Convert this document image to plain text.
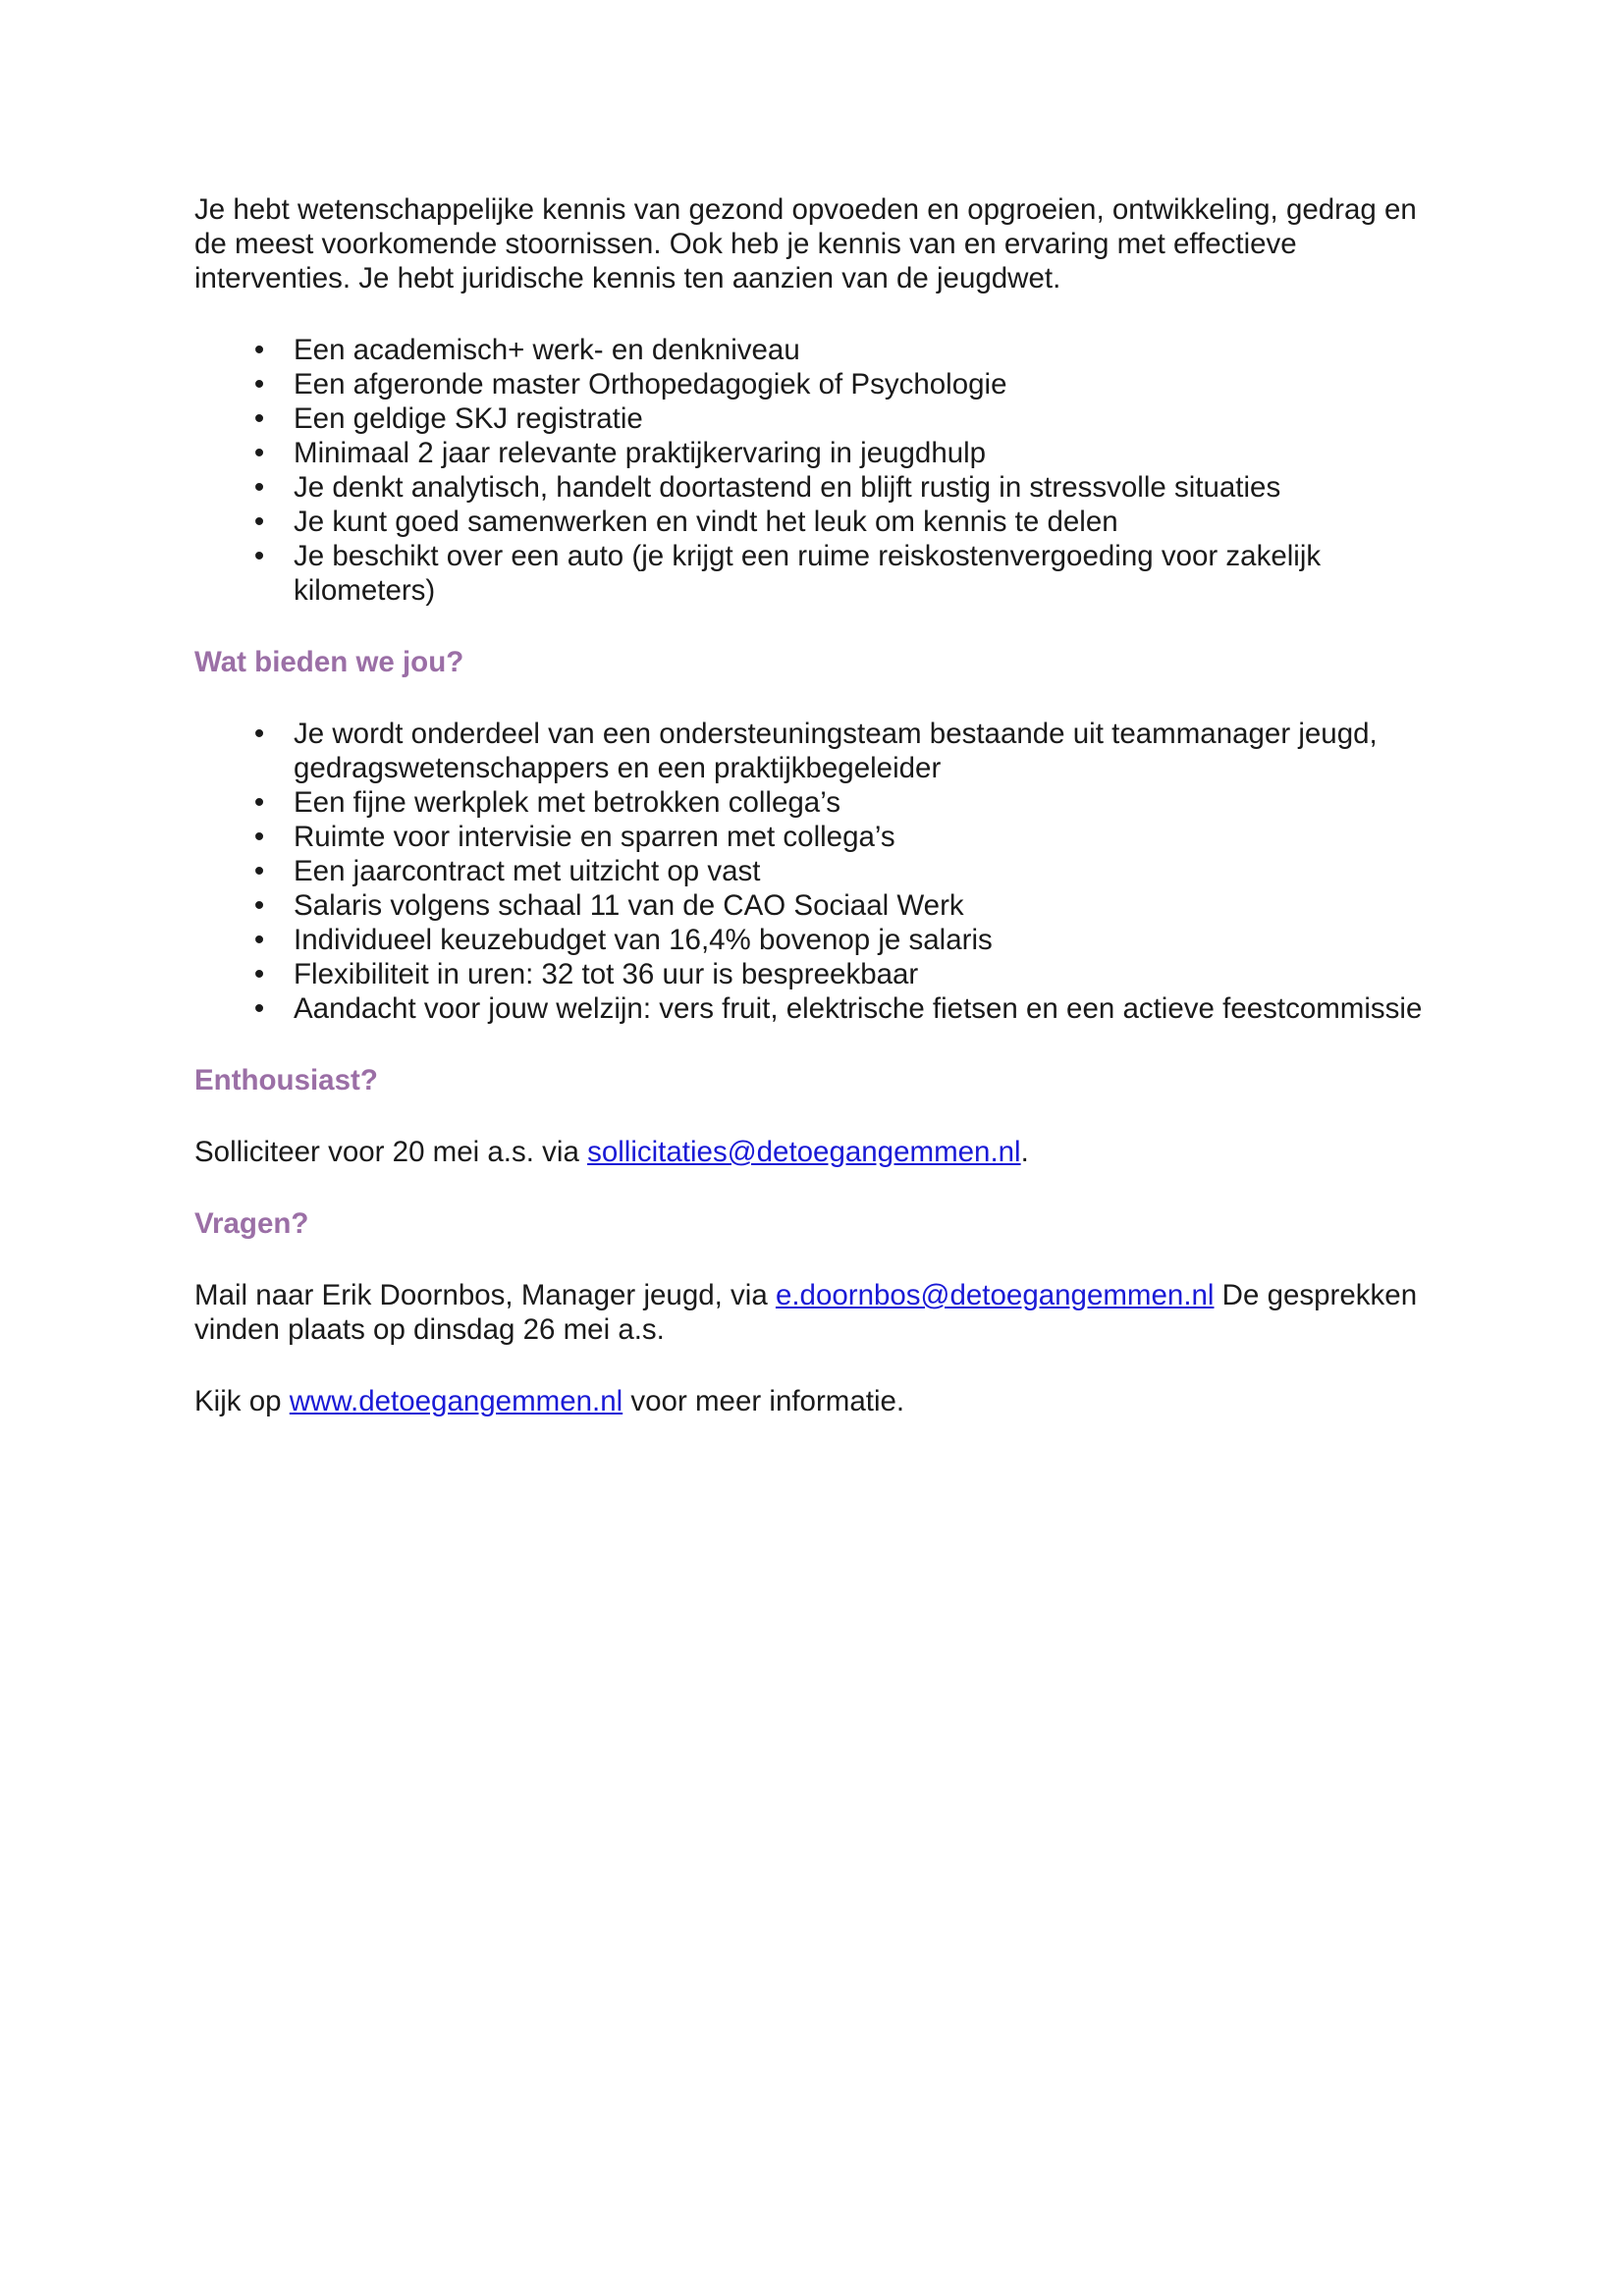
Je hebt wetenschappelijke kennis van gezond opvoeden en opgroeien, ontwikkeling, gedrag en de meest voorkomende stoornissen. Ook heb je kennis van en ervaring met effectieve interventies. Je hebt juridische kennis ten aanzien van de jeugdwet.

• Een academisch+ werk- en denkniveau
• Een afgeronde master Orthopedagogiek of Psychologie
• Een geldige SKJ registratie
• Minimaal 2 jaar relevante praktijkervaring in jeugdhulp
• Je denkt analytisch, handelt doortastend en blijft rustig in stressvolle situaties
• Je kunt goed samenwerken en vindt het leuk om kennis te delen
• Je beschikt over een auto (je krijgt een ruime reiskostenvergoeding voor zakelijk kilometers)

Wat bieden we jou?

• Je wordt onderdeel van een ondersteuningsteam bestaande uit teammanager jeugd, gedragswetenschappers en een praktijkbegeleider
• Een fijne werkplek met betrokken collega’s
• Ruimte voor intervisie en sparren met collega’s
• Een jaarcontract met uitzicht op vast
• Salaris volgens schaal 11 van de CAO Sociaal Werk
• Individueel keuzebudget van 16,4% bovenop je salaris
• Flexibiliteit in uren: 32 tot 36 uur is bespreekbaar
• Aandacht voor jouw welzijn: vers fruit, elektrische fietsen en een actieve feestcommissie

Enthousiast?

Solliciteer voor 20 mei a.s. via sollicitaties@detoegangemmen.nl.

Vragen?

Mail naar Erik Doornbos, Manager jeugd, via e.doornbos@detoegangemmen.nl De gesprekken vinden plaats op dinsdag 26 mei a.s.

Kijk op www.detoegangemmen.nl voor meer informatie.
